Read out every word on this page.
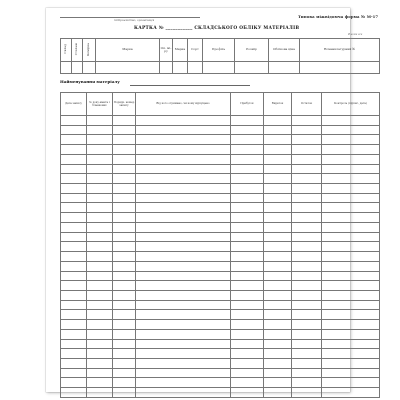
підприємство, організація
Типова міжвідомча форма № М-17
КАРТКА № ___________ СКЛАДСЬКОГО ОБЛІКУ МАТЕРІАЛІВ
Ф.номи аси
Склад	Стелаж	Комірка	Марка	Оп. мі-ру	Марка	Сорт	Профіль	Розмір	Облікова ціна	Номенклатурний №

Найменування матеріалу
Дата запису	№ доку-мента і бланкових	Порядк. номер запису	Від кого отримано, чи кому відпущено	Прибуток	Видаток	Остаток	Контроль (підпис, дата)
